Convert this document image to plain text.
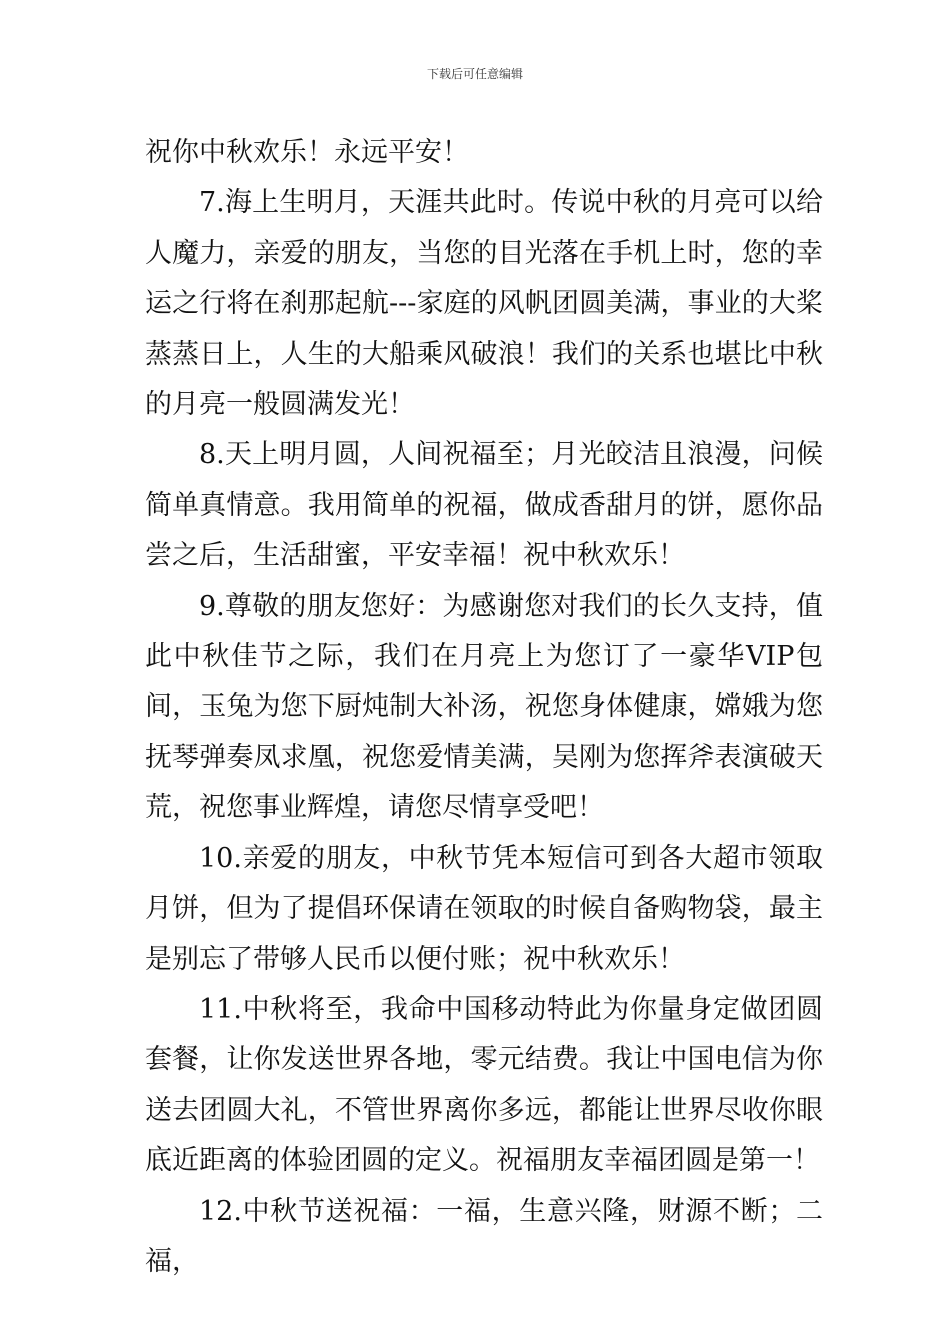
下载后可任意编辑

祝你中秋欢乐！永远平安！

7.海上生明月，天涯共此时。传说中秋的月亮可以给人魔力，亲爱的朋友，当您的目光落在手机上时，您的幸运之行将在刹那起航---家庭的风帆团圆美满，事业的大桨蒸蒸日上，人生的大船乘风破浪！我们的关系也堪比中秋的月亮一般圆满发光！

8.天上明月圆，人间祝福至；月光皎洁且浪漫，问候简单真情意。我用简单的祝福，做成香甜月的饼，愿你品尝之后，生活甜蜜，平安幸福！祝中秋欢乐！

9.尊敬的朋友您好：为感谢您对我们的长久支持，值此中秋佳节之际，我们在月亮上为您订了一豪华VIP包间，玉兔为您下厨炖制大补汤，祝您身体健康，嫦娥为您抚琴弹奏凤求凰，祝您爱情美满，吴刚为您挥斧表演破天荒，祝您事业辉煌，请您尽情享受吧！

10.亲爱的朋友，中秋节凭本短信可到各大超市领取月饼，但为了提倡环保请在领取的时候自备购物袋，最主是别忘了带够人民币以便付账；祝中秋欢乐！

11.中秋将至，我命中国移动特此为你量身定做团圆套餐，让你发送世界各地，零元结费。我让中国电信为你送去团圆大礼，不管世界离你多远，都能让世界尽收你眼底近距离的体验团圆的定义。祝福朋友幸福团圆是第一！

12.中秋节送祝福：一福，生意兴隆，财源不断；二福，
